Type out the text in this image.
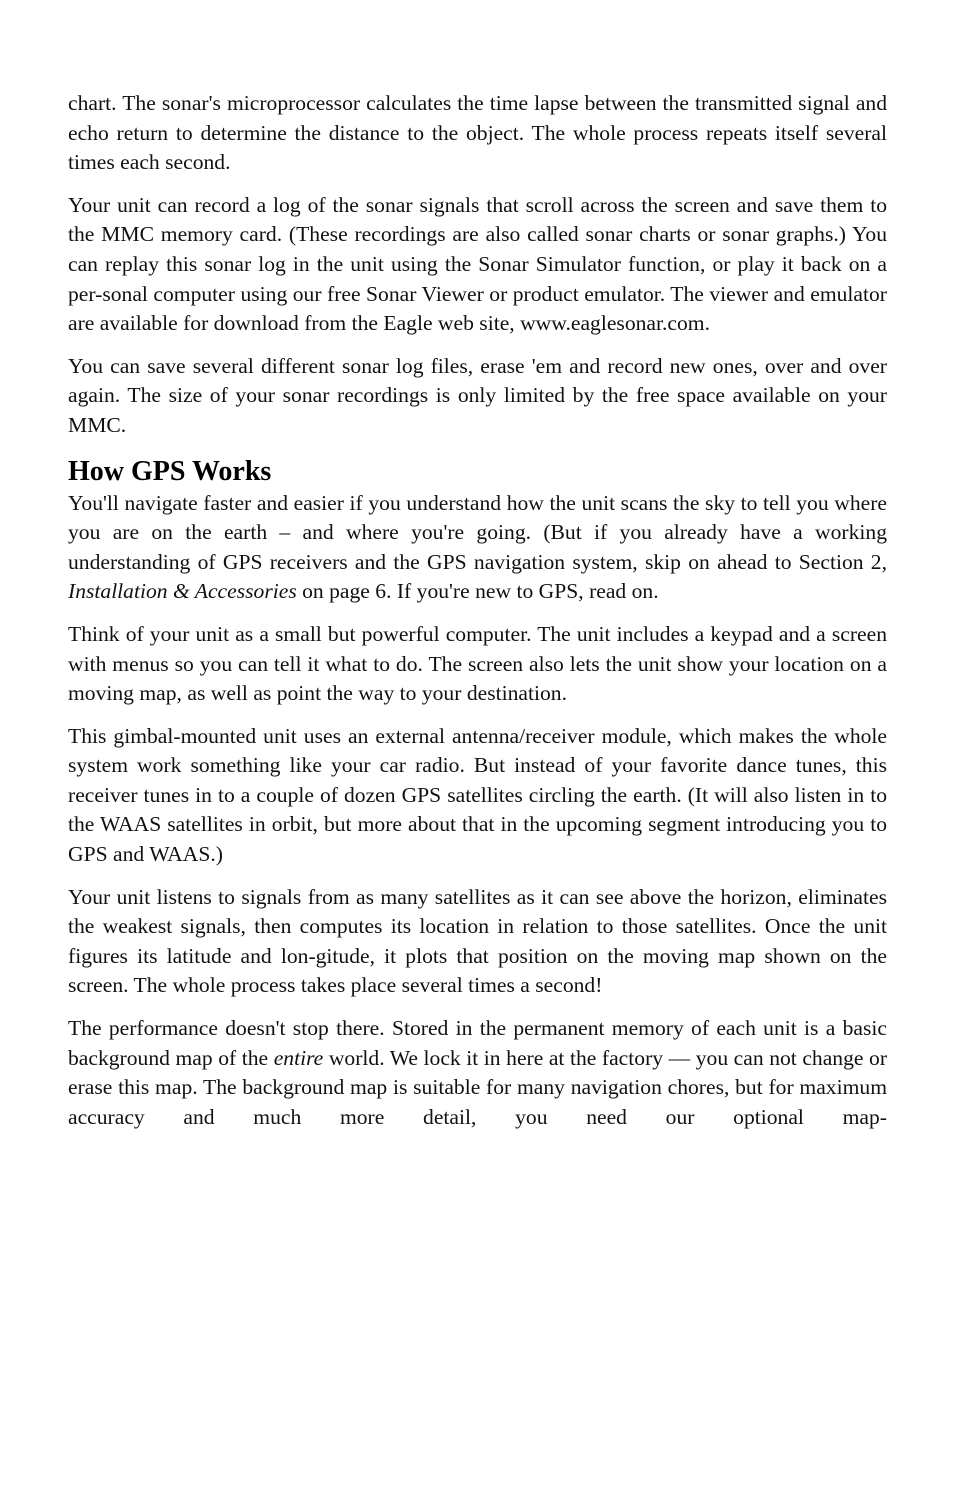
chart. The sonar's microprocessor calculates the time lapse between the transmitted signal and echo return to determine the distance to the object. The whole process repeats itself several times each second.

Your unit can record a log of the sonar signals that scroll across the screen and save them to the MMC memory card. (These recordings are also called sonar charts or sonar graphs.) You can replay this sonar log in the unit using the Sonar Simulator function, or play it back on a per-sonal computer using our free Sonar Viewer or product emulator. The viewer and emulator are available for download from the Eagle web site, www.eaglesonar.com.

You can save several different sonar log files, erase 'em and record new ones, over and over again. The size of your sonar recordings is only limited by the free space available on your MMC.

How GPS Works

You'll navigate faster and easier if you understand how the unit scans the sky to tell you where you are on the earth – and where you're going. (But if you already have a working understanding of GPS receivers and the GPS navigation system, skip on ahead to Section 2, Installation & Accessories on page 6. If you're new to GPS, read on.

Think of your unit as a small but powerful computer. The unit includes a keypad and a screen with menus so you can tell it what to do. The screen also lets the unit show your location on a moving map, as well as point the way to your destination.

This gimbal-mounted unit uses an external antenna/receiver module, which makes the whole system work something like your car radio. But instead of your favorite dance tunes, this receiver tunes in to a couple of dozen GPS satellites circling the earth. (It will also listen in to the WAAS satellites in orbit, but more about that in the upcoming segment introducing you to GPS and WAAS.)

Your unit listens to signals from as many satellites as it can see above the horizon, eliminates the weakest signals, then computes its location in relation to those satellites. Once the unit figures its latitude and lon-gitude, it plots that position on the moving map shown on the screen. The whole process takes place several times a second!

The performance doesn't stop there. Stored in the permanent memory of each unit is a basic background map of the entire world. We lock it in here at the factory — you can not change or erase this map. The background map is suitable for many navigation chores, but for maximum accuracy and much more detail, you need our optional map-
